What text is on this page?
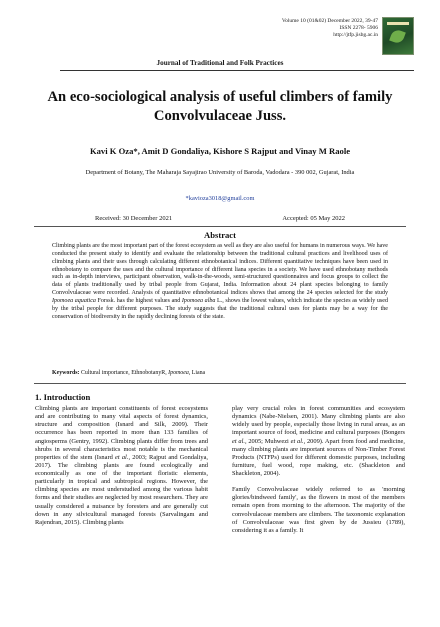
Volume 10 (01&02) December 2022, 39-47
ISSN 2278- 5906
http://jtfp.jisbg.ac.in
Journal of Traditional and Folk Practices
An eco-sociological analysis of useful climbers of family Convolvulaceae Juss.
Kavi K Oza*, Amit D Gondaliya, Kishore S Rajput and Vinay M Raole
Department of Botany, The Maharaja Sayajirao University of Baroda, Vadodara - 390 002, Gujarat, India
*kavioza3018@gmail.com
Received: 30 December 2021	Accepted: 05 May 2022
Abstract
Climbing plants are the most important part of the forest ecosystem as well as they are also useful for humans in numerous ways. We have conducted the present study to identify and evaluate the relationship between the traditional cultural practices and livelihood uses of climbing plants and their uses through calculating different ethnobotanical indices. Different quantitative techniques have been used in ethnobotany to compare the uses and the cultural importance of different liana species in a society. We have used ethnobotany methods such as in-depth interviews, participant observation, walk-in-the-woods, semi-structured questionnaires and focus groups to collect the data of plants traditionally used by tribal people from Gujarat, India. Information about 24 plant species belonging to family Convolvulaceae were recorded. Analysis of quantitative ethnobotanical indices shows that among the 24 species selected for the study Ipomoea aquatica Forssk. has the highest values and Ipomoea alba L., shows the lowest values, which indicate the species as widely used by the tribal people for different purposes. The study suggests that the traditional cultural uses for plants may be a way for the conservation of biodiversity in the rapidly declining forests of the state.
Keywords: Cultural importance, EthnobotanyR, Ipomoea, Liana
1. Introduction

Climbing plants are important constituents of forest ecosystems and are contributing to many vital aspects of forest dynamics, structure and composition (Isnard and Silk, 2009). Their occurrence has been reported in more than 133 families of angiosperms (Gentry, 1992). Climbing plants differ from trees and shrubs in several characteristics most notable is the mechanical properties of the stem (Isnard et al., 2003; Rajput and Gondaliya, 2017). The climbing plants are found ecologically and economically as one of the important floristic elements, particularly in tropical and subtropical regions. However, the climbing species are most understudied among the various habit forms and their studies are neglected by most researchers. They are usually considered a nuisance by foresters and are generally cut down in any silvicultural managed forests (Sarvalingam and Rajendran, 2015). Climbing plants

play very crucial roles in forest communities and ecosystem dynamics (Nabe-Nielsen, 2001). Many climbing plants are also widely used by people, especially those living in rural areas, as an important source of food, medicine and cultural purposes (Bongers et al., 2005; Muhwezi et al., 2009). Apart from food and medicine, many climbing plants are important sources of Non-Timber Forest Products (NTFPs) used for different domestic purposes, including furniture, fuel wood, rope making, etc. (Shackleton and Shackleton, 2004).

Family Convolvulaceae widely referred to as 'morning glories/bindweed family', as the flowers in most of the members remain open from morning to the afternoon. The majority of the convolvulaceae members are climbers. The taxonomic explanation of Convolvulaceae was first given by de Jussieu (1789), considering it as a family. It
